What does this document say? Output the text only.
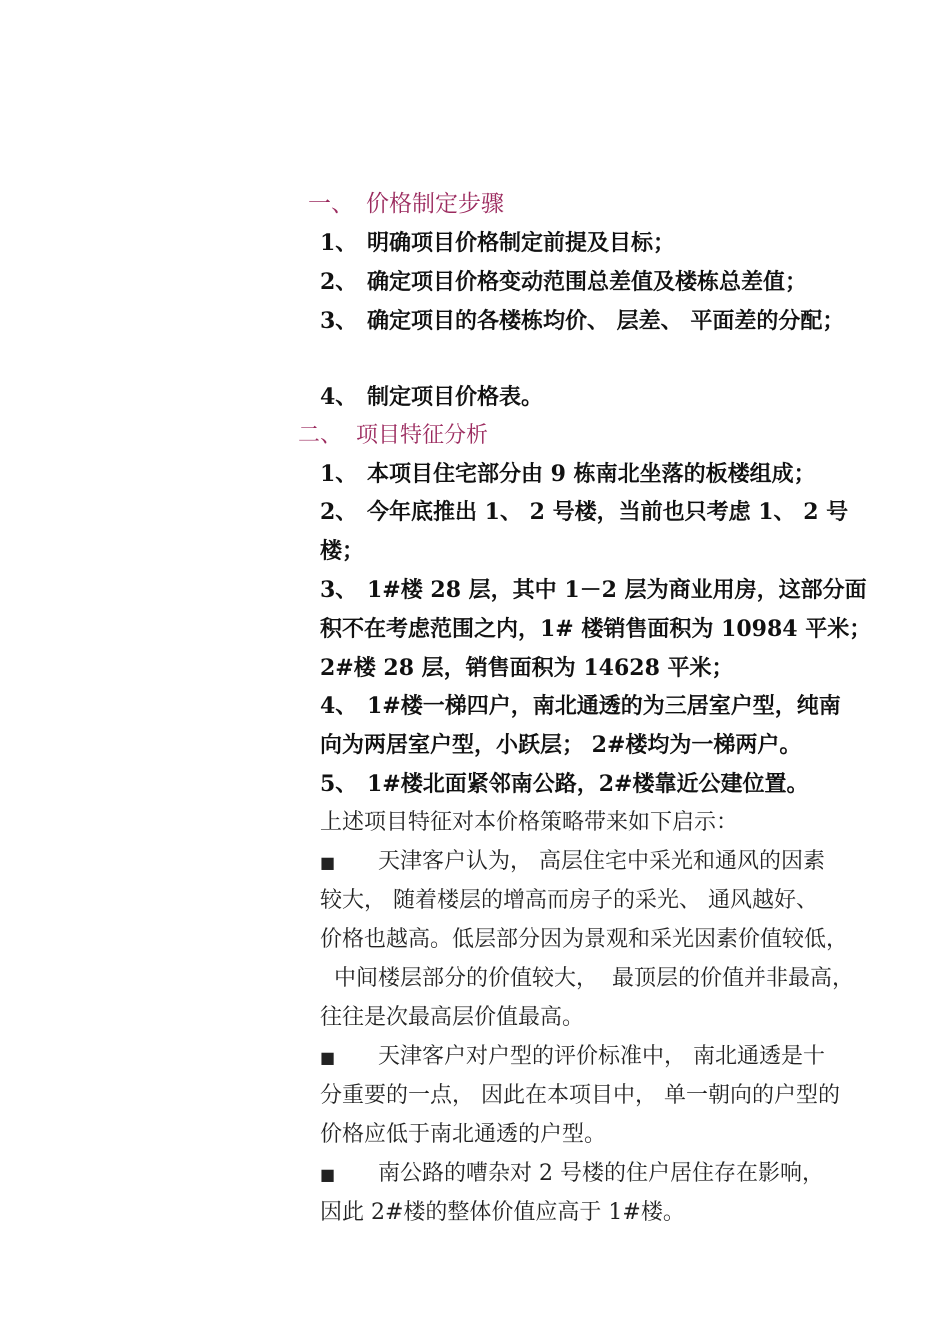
一、 价格制定步骤
1、 明确项目价格制定前提及目标；
2、 确定项目价格变动范围总差值及楼栋总差值；
3、 确定项目的各楼栋均价、 层差、 平面差的分配；
4、 制定项目价格表。
二、 项目特征分析
1、 本项目住宅部分由 9 栋南北坐落的板楼组成；
2、 今年底推出 1、 2 号楼，当前也只考虑 1、 2 号
楼；
3、 1#楼 28 层，其中 1－2 层为商业用房，这部分面
积不在考虑范围之内，1# 楼销售面积为 10984 平米；
2#楼 28 层，销售面积为 14628 平米；
4、 1#楼一梯四户，南北通透的为三居室户型，纯南
向为两居室户型，小跃层； 2#楼均为一梯两户。
5、 1#楼北面紧邻南公路，2#楼靠近公建位置。
上述项目特征对本价格策略带来如下启示：
■ 天津客户认为， 高层住宅中采光和通风的因素
较大， 随着楼层的增高而房子的采光、 通风越好、
价格也越高。低层部分因为景观和采光因素价值较低，
中间楼层部分的价值较大，  最顶层的价值并非最高，
往往是次最高层价值最高。
■ 天津客户对户型的评价标准中， 南北通透是十
分重要的一点， 因此在本项目中， 单一朝向的户型的
价格应低于南北通透的户型。
■ 南公路的嘈杂对 2 号楼的住户居住存在影响，
因此 2#楼的整体价值应高于 1#楼。
